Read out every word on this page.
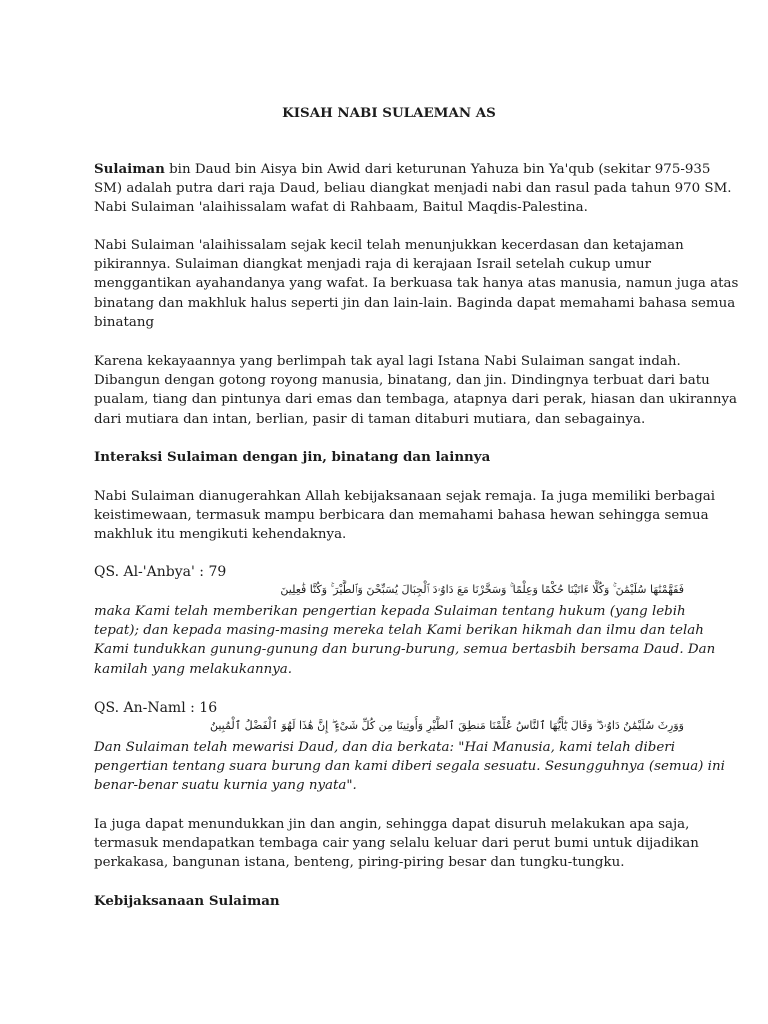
KISAH NABI SULAEMAN AS
Sulaiman bin Daud bin Aisya bin Awid dari keturunan Yahuza bin Ya'qub (sekitar 975-935
SM) adalah putra dari raja Daud, beliau diangkat menjadi nabi dan rasul pada tahun 970 SM.
Nabi Sulaiman 'alaihissalam wafat di Rahbaam, Baitul Maqdis-Palestina.
Nabi Sulaiman 'alaihissalam sejak kecil telah menunjukkan kecerdasan dan ketajaman
pikirannya. Sulaiman diangkat menjadi raja di kerajaan Israil setelah cukup umur
menggantikan ayahandanya yang wafat. Ia berkuasa tak hanya atas manusia, namun juga atas
binatang dan makhluk halus seperti jin dan lain-lain. Baginda dapat memahami bahasa semua
binatang
Karena kekayaannya yang berlimpah tak ayal lagi Istana Nabi Sulaiman sangat indah.
Dibangun dengan gotong royong manusia, binatang, dan jin. Dindingnya terbuat dari batu
pualam, tiang dan pintunya dari emas dan tembaga, atapnya dari perak, hiasan dan ukirannya
dari mutiara dan intan, berlian, pasir di taman ditaburi mutiara, dan sebagainya.
Interaksi Sulaiman dengan jin, binatang dan lainnya
Nabi Sulaiman dianugerahkan Allah kebijaksanaan sejak remaja. Ia juga memiliki berbagai
keistimewaan, termasuk mampu berbicara dan memahami bahasa hewan sehingga semua
makhluk itu mengikuti kehendaknya.
QS. Al-'Anbya' : 79
فَفَهَّمْنَٰهَا سُلَيْمَٰنَ ۚ وَكُلًّا ءَاتَيْنَا حُكْمًا وَعِلْمًا ۚ وَسَخَّرْنَا مَعَ دَاوُۥدَ ٱلْجِبَالَ يُسَبِّحْنَ وَٱلطَّيْرَ ۚ وَكُنَّا فَٰعِلِينَ
maka Kami telah memberikan pengertian kepada Sulaiman tentang hukum (yang lebih
tepat); dan kepada masing-masing mereka telah Kami berikan hikmah dan ilmu dan telah
Kami tundukkan gunung-gunung dan burung-burung, semua bertasbih bersama Daud. Dan
kamilah yang melakukannya.
QS. An-Naml : 16
وَوَرِثَ سُلَيْمَٰنُ دَاوُۥدَ ۖ وَقَالَ يَٰٓأَيُّهَا ٱلنَّاسُ عُلِّمْنَا مَنطِقَ ٱلطَّيْرِ وَأُوتِينَا مِن كُلِّ شَىْءٍ ۖ إِنَّ هَٰذَا لَهُوَ ٱلْفَضْلُ ٱلْمُبِينُ
Dan Sulaiman telah mewarisi Daud, dan dia berkata: "Hai Manusia, kami telah diberi
pengertian tentang suara burung dan kami diberi segala sesuatu. Sesungguhnya (semua) ini
benar-benar suatu kurnia yang nyata".
Ia juga dapat menundukkan jin dan angin, sehingga dapat disuruh melakukan apa saja,
termasuk mendapatkan tembaga cair yang selalu keluar dari perut bumi untuk dijadikan
perkakasa, bangunan istana, benteng, piring-piring besar dan tungku-tungku.
Kebijaksanaan Sulaiman
